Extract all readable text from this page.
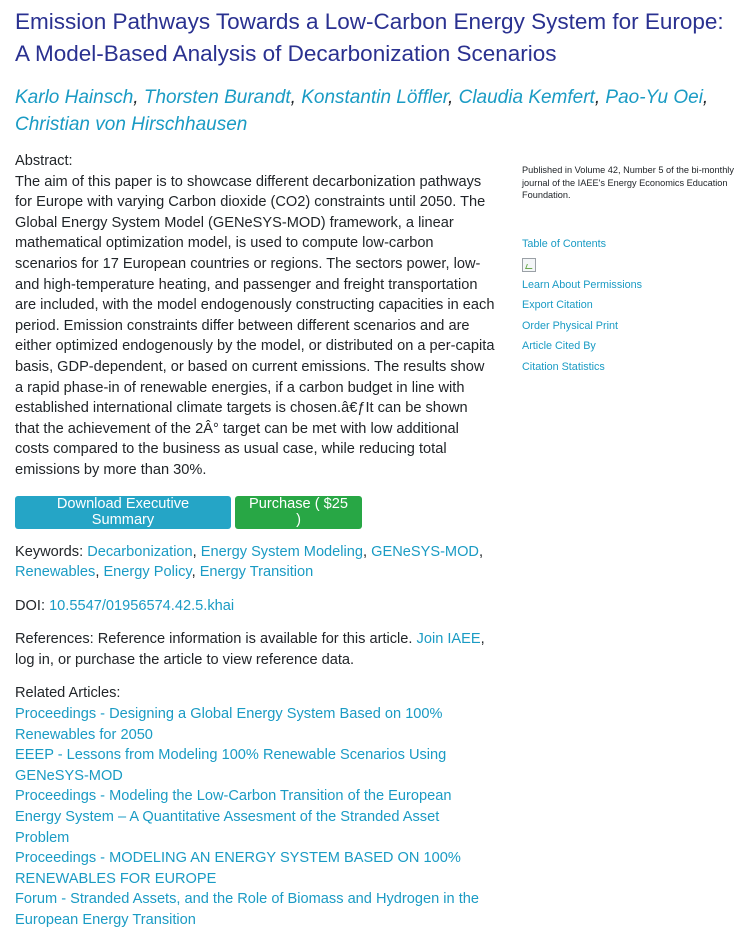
Emission Pathways Towards a Low-Carbon Energy System for Europe: A Model-Based Analysis of Decarbonization Scenarios
Karlo Hainsch, Thorsten Burandt, Konstantin Löffler, Claudia Kemfert, Pao-Yu Oei, Christian von Hirschhausen
Abstract:
The aim of this paper is to showcase different decarbonization pathways for Europe with varying Carbon dioxide (CO2) constraints until 2050. The Global Energy System Model (GENeSYS-MOD) framework, a linear mathematical optimization model, is used to compute low-carbon scenarios for 17 European countries or regions. The sectors power, low- and high-temperature heating, and passenger and freight transportation are included, with the model endogenously constructing capacities in each period. Emission constraints differ between different scenarios and are either optimized endogenously by the model, or distributed on a per-capita basis, GDP-dependent, or based on current emissions. The results show a rapid phase-in of renewable energies, if a carbon budget in line with established international climate targets is chosen.â€ƒIt can be shown that the achievement of the 2Â° target can be met with low additional costs compared to the business as usual case, while reducing total emissions by more than 30%.
Download Executive Summary
Purchase ( $25 )
Keywords: Decarbonization, Energy System Modeling, GENeSYS-MOD, Renewables, Energy Policy, Energy Transition
DOI: 10.5547/01956574.42.5.khai
References: Reference information is available for this article. Join IAEE, log in, or purchase the article to view reference data.
Related Articles:
Proceedings - Designing a Global Energy System Based on 100% Renewables for 2050
EEEP - Lessons from Modeling 100% Renewable Scenarios Using GENeSYS-MOD
Proceedings - Modeling the Low-Carbon Transition of the European Energy System – A Quantitative Assesment of the Stranded Asset Problem
Proceedings - MODELING AN ENERGY SYSTEM BASED ON 100% RENEWABLES FOR EUROPE
Forum - Stranded Assets, and the Role of Biomass and Hydrogen in the European Energy Transition

Published in Volume 42, Number 5 of the bi-monthly journal of the IAEE's Energy Economics Education Foundation.

Table of Contents
Learn About Permissions
Export Citation
Order Physical Print
Article Cited By
Citation Statistics
